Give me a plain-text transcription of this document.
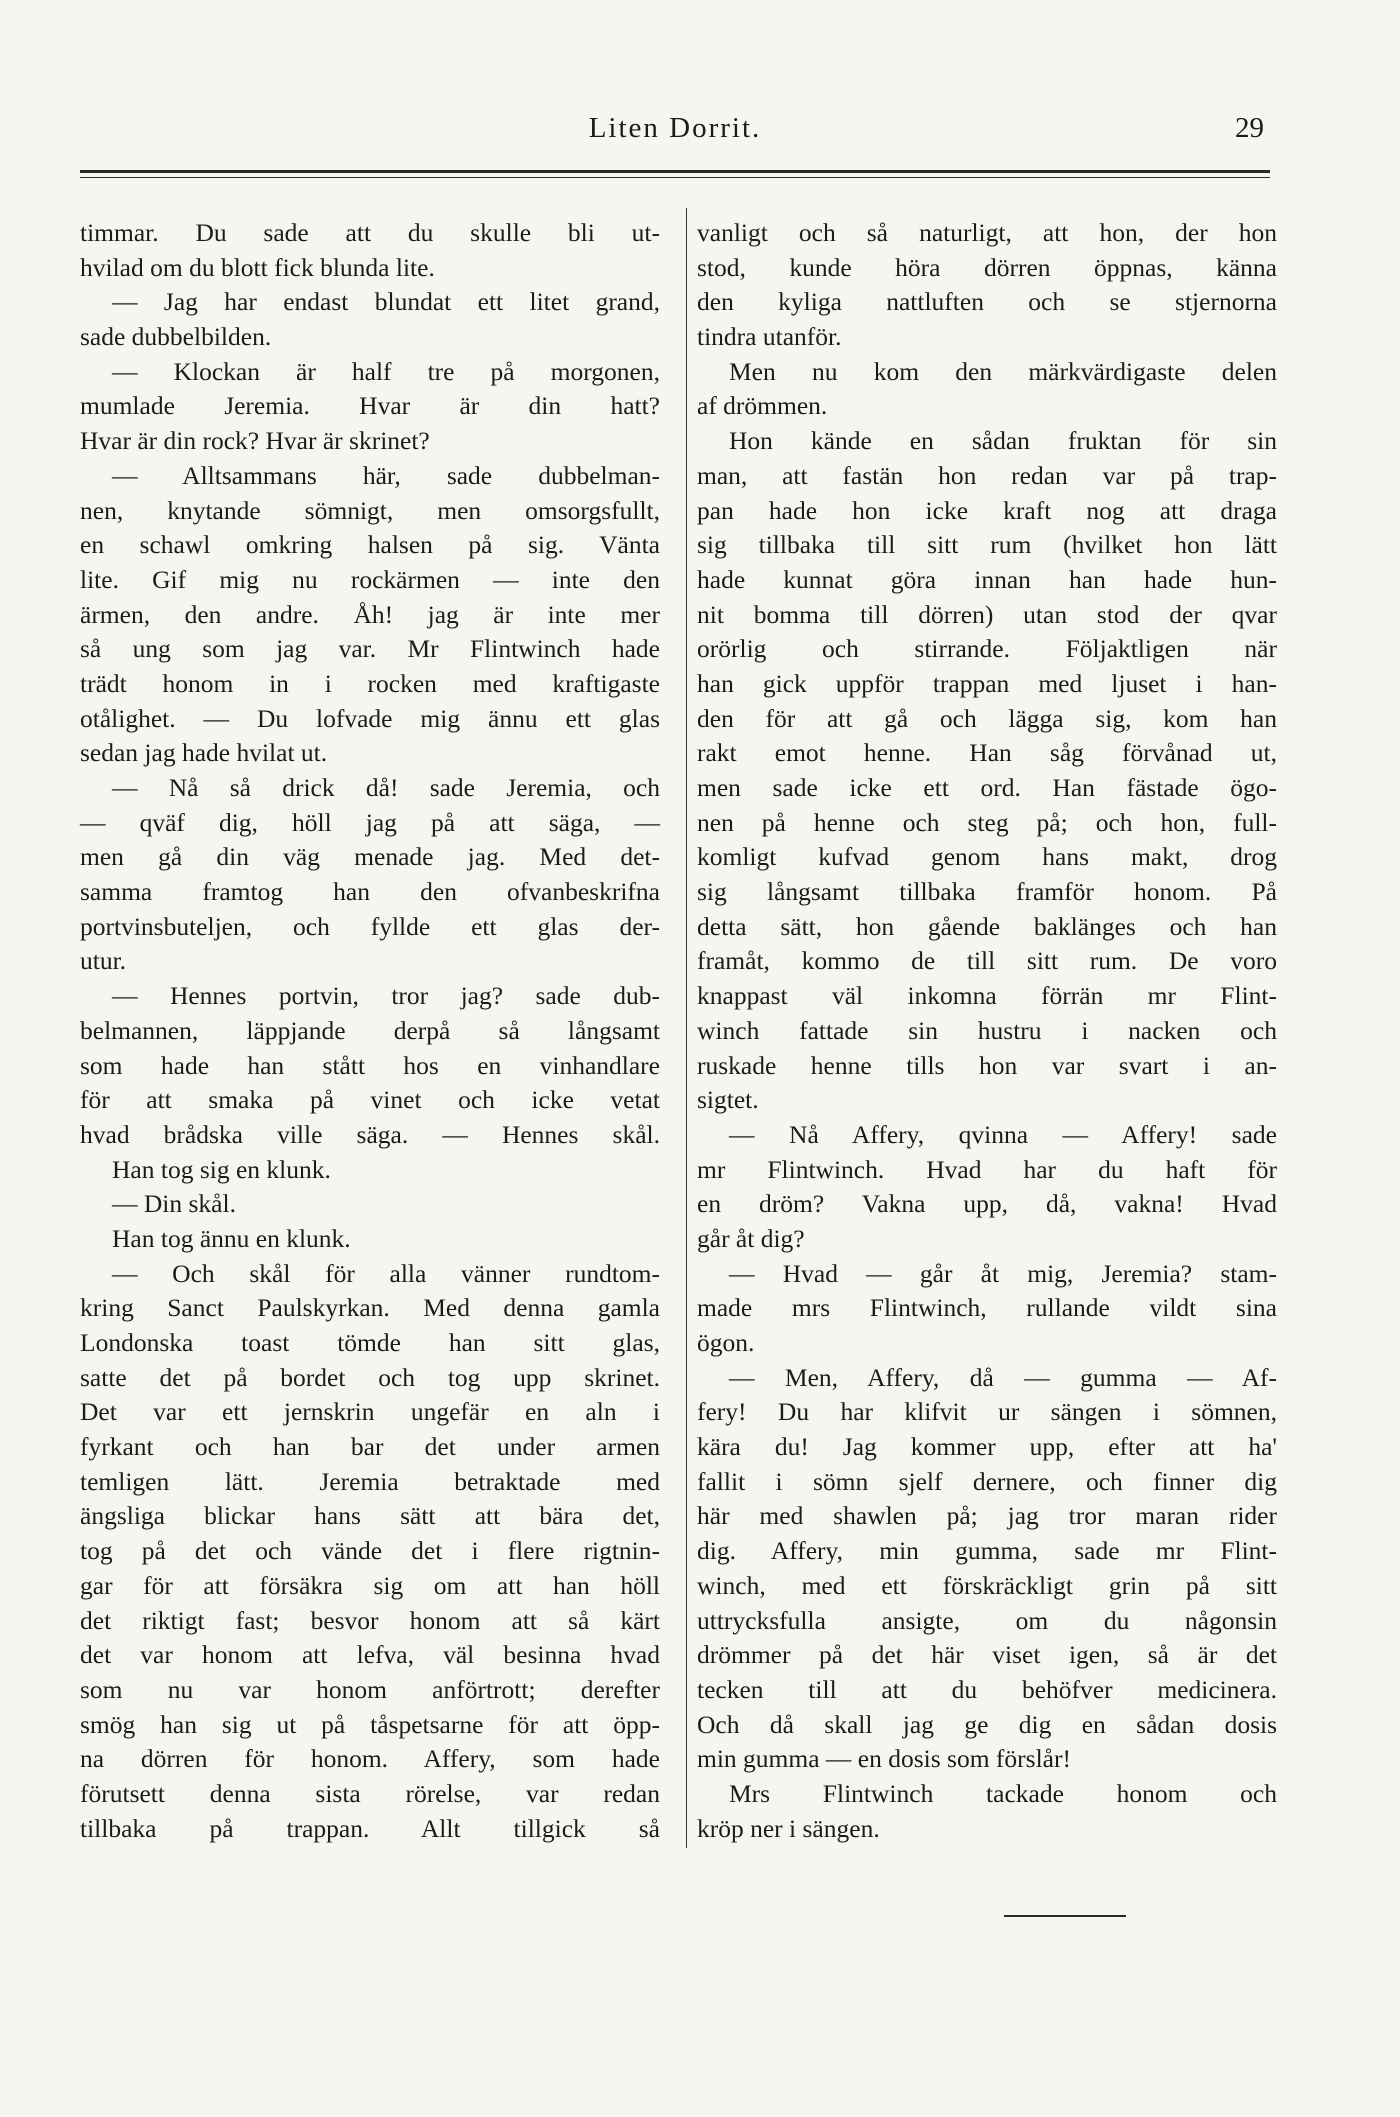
Liten Dorrit.	29
timmar. Du sade att du skulle bli ut-
hvilad om du blott fick blunda lite.
— Jag har endast blundat ett litet grand,
sade dubbelbilden.
— Klockan är half tre på morgonen,
mumlade Jeremia. Hvar är din hatt?
Hvar är din rock? Hvar är skrinet?
— Alltsammans här, sade dubbelman-
nen, knytande sömnigt, men omsorgsfullt,
en schawl omkring halsen på sig. Vänta
lite. Gif mig nu rockärmen — inte den
ärmen, den andre. Åh! jag är inte mer
så ung som jag var. Mr Flintwinch hade
trädt honom in i rocken med kraftigaste
otålighet. — Du lofvade mig ännu ett glas
sedan jag hade hvilat ut.
— Nå så drick då! sade Jeremia, och
— qväf dig, höll jag på att säga, —
men gå din väg menade jag. Med det-
samma framtog han den ofvanbeskrifna
portvinsbuteljen, och fyllde ett glas der-
utur.
— Hennes portvin, tror jag? sade dub-
belmannen, läppjande derpå så långsamt
som hade han stått hos en vinhandlare
för att smaka på vinet och icke vetat
hvad brådska ville säga. — Hennes skål.
Han tog sig en klunk.
— Din skål.
Han tog ännu en klunk.
— Och skål för alla vänner rundtom-
kring Sanct Paulskyrkan. Med denna gamla
Londonska toast tömde han sitt glas,
satte det på bordet och tog upp skrinet.
Det var ett jernskrin ungefär en aln i
fyrkant och han bar det under armen
temligen lätt. Jeremia betraktade med
ängsliga blickar hans sätt att bära det,
tog på det och vände det i flere rigtnin-
gar för att försäkra sig om att han höll
det riktigt fast; besvor honom att så kärt
det var honom att lefva, väl besinna hvad
som nu var honom anförtrott; derefter
smög han sig ut på tåspetsarne för att öpp-
na dörren för honom. Affery, som hade
förutsett denna sista rörelse, var redan
tillbaka på trappan. Allt tillgick så
vanligt och så naturligt, att hon, der hon
stod, kunde höra dörren öppnas, känna
den kyliga nattluften och se stjernorna
tindra utanför.
Men nu kom den märkvärdigaste delen
af drömmen.
Hon kände en sådan fruktan för sin
man, att fastän hon redan var på trap-
pan hade hon icke kraft nog att draga
sig tillbaka till sitt rum (hvilket hon lätt
hade kunnat göra innan han hade hun-
nit bomma till dörren) utan stod der qvar
orörlig och stirrande. Följaktligen när
han gick uppför trappan med ljuset i han-
den för att gå och lägga sig, kom han
rakt emot henne. Han såg förvånad ut,
men sade icke ett ord. Han fästade ögo-
nen på henne och steg på; och hon, full-
komligt kufvad genom hans makt, drog
sig långsamt tillbaka framför honom. På
detta sätt, hon gående baklänges och han
framåt, kommo de till sitt rum. De voro
knappast väl inkomna förrän mr Flint-
winch fattade sin hustru i nacken och
ruskade henne tills hon var svart i an-
sigtet.
— Nå Affery, qvinna — Affery! sade
mr Flintwinch. Hvad har du haft för
en dröm? Vakna upp, då, vakna! Hvad
går åt dig?
— Hvad — går åt mig, Jeremia? stam-
made mrs Flintwinch, rullande vildt sina
ögon.
— Men, Affery, då — gumma — Af-
fery! Du har klifvit ur sängen i sömnen,
kära du! Jag kommer upp, efter att ha'
fallit i sömn sjelf dernere, och finner dig
här med shawlen på; jag tror maran rider
dig. Affery, min gumma, sade mr Flint-
winch, med ett förskräckligt grin på sitt
uttrycksfulla ansigte, om du någonsin
drömmer på det här viset igen, så är det
tecken till att du behöfver medicinera.
Och då skall jag ge dig en sådan dosis
min gumma — en dosis som förslår!
Mrs Flintwinch tackade honom och
kröp ner i sängen.
